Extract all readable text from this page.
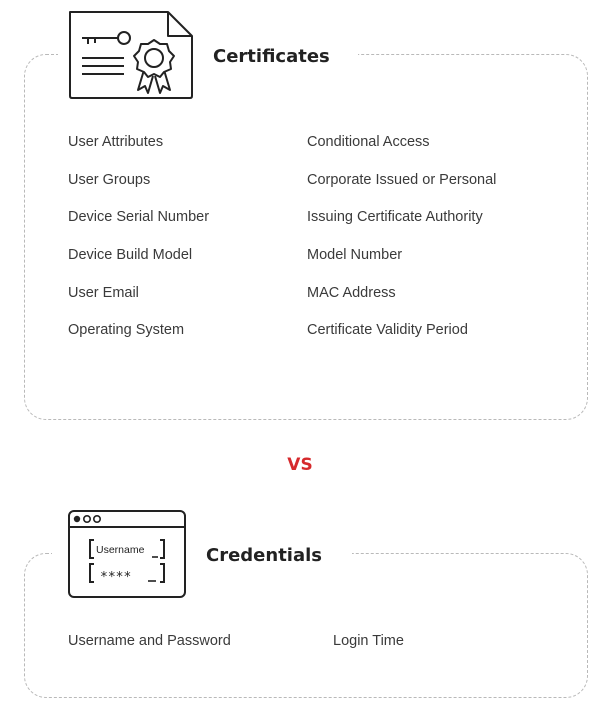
Certificates
User Attributes
User Groups
Device Serial Number
Device Build Model
User Email
Operating System
Conditional Access
Corporate Issued or Personal
Issuing Certificate Authority
Model Number
MAC Address
Certificate Validity Period
VS
Username
****
Credentials
Username and Password	Login Time
